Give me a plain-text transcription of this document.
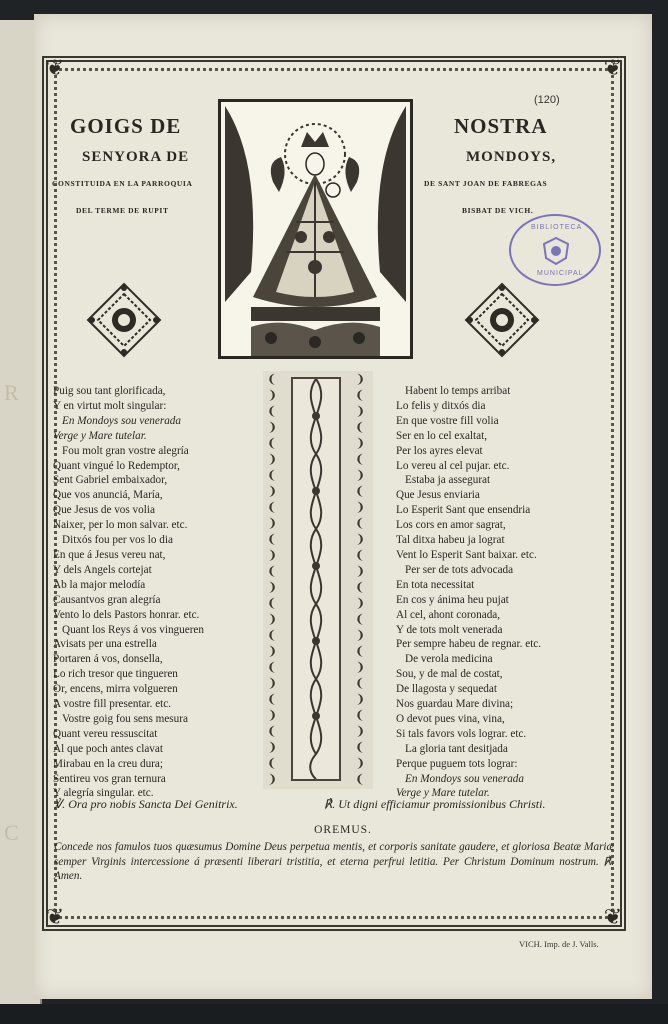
R
C
(120)
❦	❦
❦	❦
GOIGS DE	NOSTRA
SENYORA DE	MONDOYS,
CONSTITUIDA EN LA PARROQUIA	DE SANT JOAN DE FABREGAS
DEL TERME DE RUPIT	BISBAT DE VICH.
BIBLIOTECA
MUNICIPAL
Puig sou tant glorificada,
Y en virtut molt singular:
En Mondoys sou venerada
Verge y Mare tutelar.
Fou molt gran vostre alegría
Quant vingué lo Redemptor,
Sent Gabriel embaixador,
Que vos anunciá, María,
Que Jesus de vos volia
Naixer, per lo mon salvar. etc.
Ditxós fou per vos lo dia
En que á Jesus vereu nat,
Y dels Angels cortejat
Ab la major melodía
Causantvos gran alegría
Vento lo dels Pastors honrar. etc.
Quant los Reys á vos vingueren
Avisats per una estrella
Portaren á vos, donsella,
Lo rich tresor que tingueren
Or, encens, mirra volgueren
A vostre fill presentar. etc.
Vostre goig fou sens mesura
Quant vereu ressuscitat
Al que poch antes clavat
Mirabau en la creu dura;
Sentireu vos gran ternura
Y alegría singular. etc.
Habent lo temps arribat
Lo felis y ditxós dia
En que vostre fill volia
Ser en lo cel exaltat,
Per los ayres elevat
Lo vereu al cel pujar. etc.
Estaba ja assegurat
Que Jesus enviaria
Lo Esperit Sant que ensendria
Los cors en amor sagrat,
Tal ditxa habeu ja lograt
Vent lo Esperit Sant baixar. etc.
Per ser de tots advocada
En tota necessitat
En cos y ánima heu pujat
Al cel, ahont coronada,
Y de tots molt venerada
Per sempre habeu de regnar. etc.
De verola medicina
Sou, y de mal de costat,
De llagosta y sequedat
Nos guardau Mare divina;
O devot pues vina, vina,
Si tals favors vols lograr. etc.
La gloria tant desitjada
Perque puguem tots lograr:
En Mondoys sou venerada
Verge y Mare tutelar.
❨
❩
❨
❩
❨
❩
❨
❩
❨
❩
❨
❩
❨
❩
❨
❩
❨
❩
❨
❩
❨
❩
❨
❩
❨
❩
❩
❨
❩
❨
❩
❨
❩
❨
❩
❨
❩
❨
❩
❨
❩
❨
❩
❨
❩
❨
❩
❨
❩
❨
❩
❨
℣. Ora pro nobis Sancta Dei Genitrix.	℟. Ut digni efficiamur promissionibus Christi.
OREMUS.
Concede nos famulos tuos quæsumus Domine Deus perpetua mentis, et corporis sanitate gaudere, et gloriosa Beatæ Mariæ semper Virginis intercessione á præsenti liberari tristitia, et eterna perfrui letitia. Per Christum Dominum nostrum. ℟. Amen.
VICH. Imp. de J. Valls.
